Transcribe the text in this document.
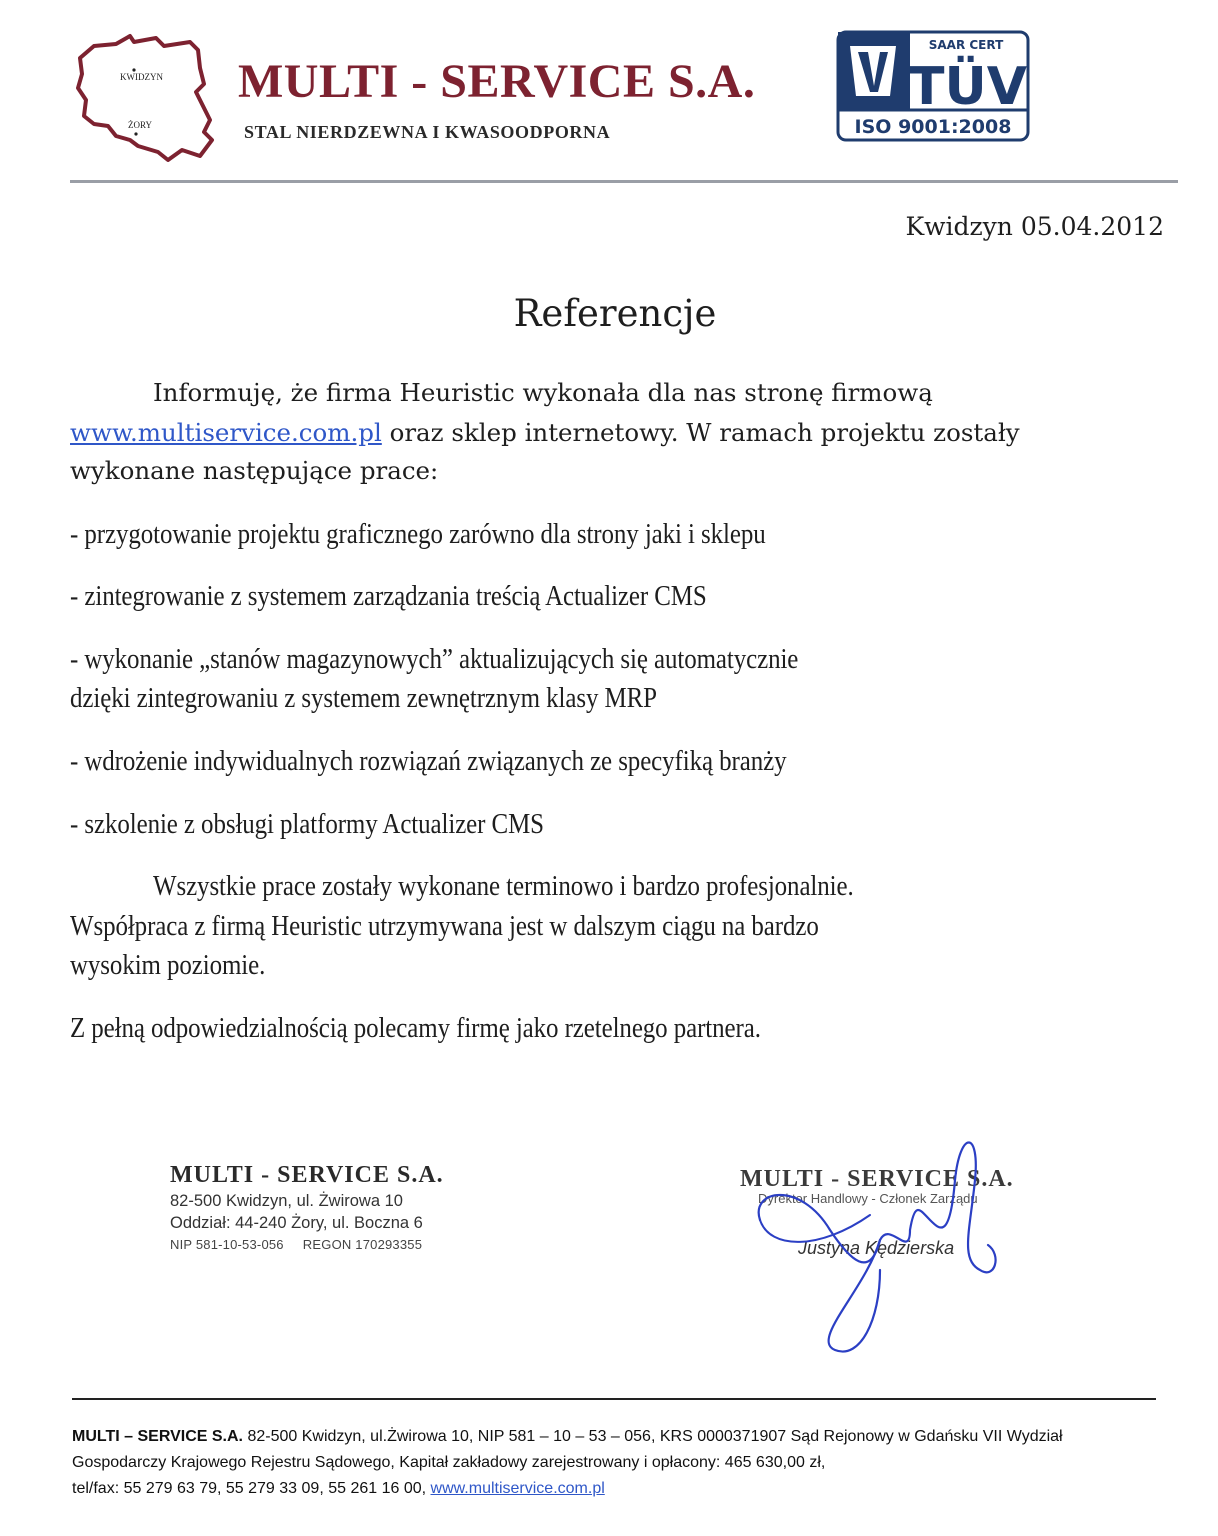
KWIDZYN
ŻORY
MULTI - SERVICE S.A.
STAL NIERDZEWNA I KWASOODPORNA
SAAR CERT
TÜV
ISO 9001:2008
Kwidzyn 05.04.2012
Referencje
Informuję, że firma Heuristic wykonała dla nas stronę firmową
www.multiservice.com.pl oraz sklep internetowy. W ramach projektu zostały
wykonane następujące prace:
- przygotowanie projektu graficznego zarówno dla strony jaki i sklepu
- zintegrowanie z systemem zarządzania treścią Actualizer CMS
- wykonanie „stanów magazynowych” aktualizujących się automatycznie
dzięki zintegrowaniu z systemem zewnętrznym klasy MRP
- wdrożenie indywidualnych rozwiązań związanych ze specyfiką branży
- szkolenie z obsługi platformy Actualizer CMS
Wszystkie prace zostały wykonane terminowo i bardzo profesjonalnie.
Współpraca z firmą Heuristic utrzymywana jest w dalszym ciągu na bardzo
wysokim poziomie.
Z pełną odpowiedzialnością polecamy firmę jako rzetelnego partnera.
MULTI - SERVICE S.A.
82-500 Kwidzyn, ul. Żwirowa 10
Oddział: 44-240 Żory, ul. Boczna 6
NIP 581-10-53-056     REGON 170293355
MULTI - SERVICE S.A.
Dyrektor Handlowy - Członek Zarządu
Justyna Kędzierska
MULTI – SERVICE S.A. 82-500 Kwidzyn, ul.Żwirowa 10, NIP 581 – 10 – 53 – 056, KRS 0000371907 Sąd Rejonowy w Gdańsku VII Wydział
Gospodarczy Krajowego Rejestru Sądowego, Kapitał zakładowy zarejestrowany i opłacony: 465 630,00 zł,
tel/fax: 55 279 63 79, 55 279 33 09, 55 261 16 00, www.multiservice.com.pl
